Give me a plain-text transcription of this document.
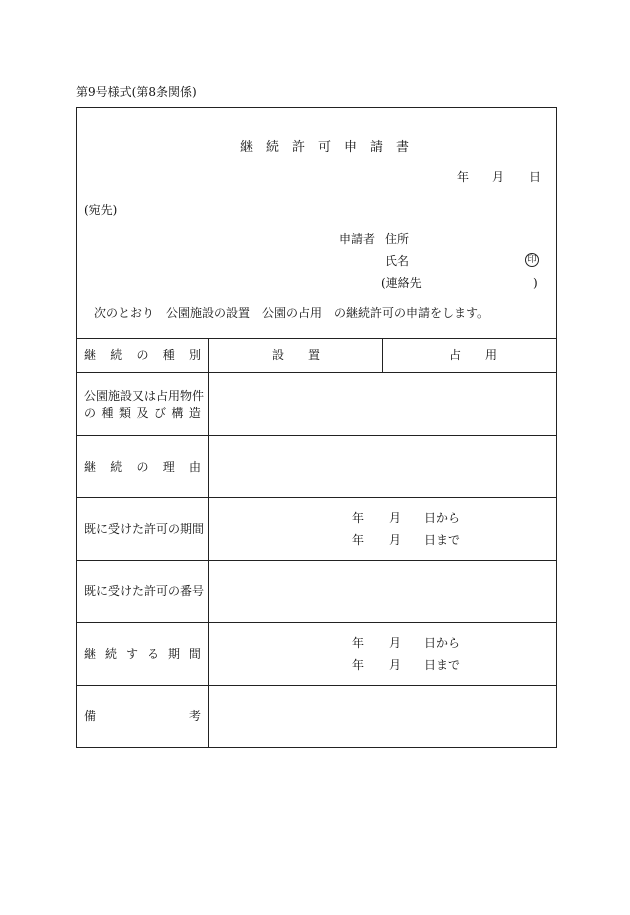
第9号様式(第8条関係)
継　続　許　可　申　請　書
年 月 日
(宛先)
申請者 住所
氏名	印
(連絡先	)
次のとおり　公園施設の設置　公園の占用　の継続許可の申請をします。
継 続 の 種 別	設　　置	占　　用
公園施設又は占用物件
の 種 類 及 び 構 造
継 続 の 理 由
既に受けた許可の期間
年 月 日から
年 月 日まで
既に受けた許可の番号
継 続 す る 期 間
年 月 日から
年 月 日まで
備	考
